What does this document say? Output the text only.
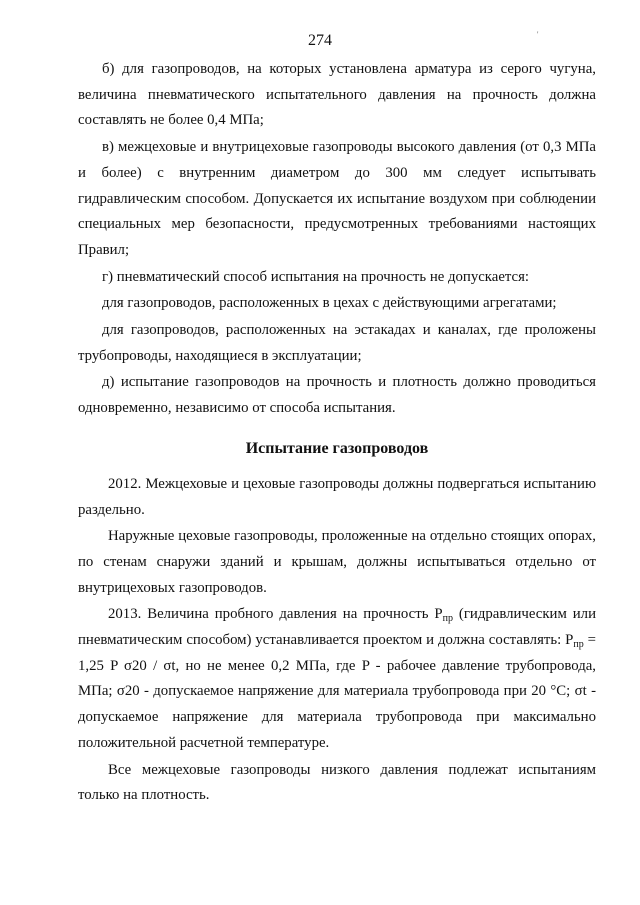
274	'

б) для газопроводов, на которых установлена арматура из серого чугуна, величина пневматического испытательного давления на прочность должна составлять не более 0,4 МПа;

в) межцеховые и внутрицеховые газопроводы высокого давления (от 0,3 МПа и более) с внутренним диаметром до 300 мм следует испытывать гидравлическим способом. Допускается их испытание воздухом при соблюдении специальных мер безопасности, предусмотренных требованиями настоящих Правил;

г) пневматический способ испытания на прочность не допускается:

для газопроводов, расположенных в цехах с действующими агрегатами;

для газопроводов, расположенных на эстакадах и каналах, где проложены трубопроводы, находящиеся в эксплуатации;

д) испытание газопроводов на прочность и плотность должно проводиться одновременно, независимо от способа испытания.

Испытание газопроводов

2012. Межцеховые и цеховые газопроводы должны подвергаться испытанию раздельно.

Наружные цеховые газопроводы, проложенные на отдельно стоящих опорах, по стенам снаружи зданий и крышам, должны испытываться отдельно от внутрицеховых газопроводов.

2013. Величина пробного давления на прочность $P_{пр}$ (гидравлическим или пневматическим способом) устанавливается проектом и должна составлять: $P_{пр} = 1,25$ P σ20 / σt, но не менее 0,2 МПа, где P - рабочее давление трубопровода, МПа; σ20 - допускаемое напряжение для материала трубопровода при 20 °C; σt - допускаемое напряжение для материала трубопровода при максимально положительной расчетной температуре.

Все межцеховые газопроводы низкого давления подлежат испытаниям только на плотность.
